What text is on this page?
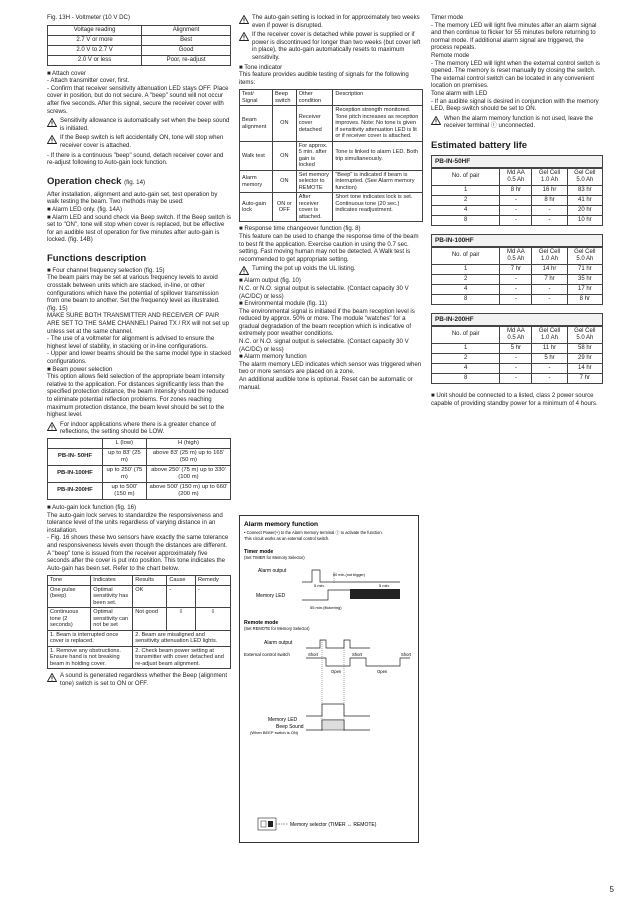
Fig. 13H - Voltmeter (10 V DC)

Voltage reading	Alignment
2.7 V or more	Best
2.0 V to 2.7 V	Good
2.0 V or less	Poor, re-adjust

■ Attach cover

- Attach transmitter cover, first.

- Confirm that receiver sensitivity attenuation LED stays OFF. Place cover in position, but do not secure. A "beep" sound will not occur after five seconds. After this signal, secure the receiver cover with screws.

Sensitivity allowance is automatically set when the beep sound is initiated.

If the Beep switch is left accidentally ON, tone will stop when receiver cover is attached.

- If there is a continuous "beep" sound, detach receiver cover and re-adjust following to Auto-gain lock function.

Operation check (fig. 14)

After installation, alignment and auto-gain set, test operation by walk testing the beam. Two methods may be used:

■ Alarm LED only. (fig. 14A)

■ Alarm LED and sound check via Beep switch. If the Beep switch is set to "ON", tone will stop when cover is replaced, but be effective for an audible test of operation for five minutes after auto-gain is locked. (fig. 14B)

Functions description

■ Four channel frequency selection (fig. 15)

The beam pairs may be set at various frequency levels to avoid crosstalk between units which are stacked, in-line, or other configurations which have the potential of spillover transmission from one beam to another. Set the frequency level as illustrated. (fig. 15)

MAKE SURE BOTH TRANSMITTER AND RECEIVER OF PAIR ARE SET TO THE SAME CHANNEL! Paired TX / RX will not set up unless set at the same channel.

- The use of a voltmeter for alignment is advised to ensure the highest level of stability, in stacking or in-line configurations.

- Upper and lower beams should be the same model type in stacked configurations.

■ Beam power selection

This option allows field selection of the appropriate beam intensity relative to the application. For distances significantly less than the specified protection distance, the beam intensity should be reduced to eliminate potential reflection problems. For zones reaching maximum protection distance, the beam level should be set to the highest level.

For indoor applications where there is a greater chance of reflections, the setting should be LOW.

	L (low)	H (high)
PB-IN- 50HF	up to 83' (25 m)	above 83' (25 m) up to 165' (50 m)
PB-IN-100HF	up to 250' (75 m)	above 250' (75 m) up to 330' (100 m)
PB-IN-200HF	up to 500' (150 m)	above 500' (150 m) up to 660' (200 m)

■ Auto-gain lock function (fig. 16)

The auto-gain lock serves to standardize the responsiveness and tolerance level of the units regardless of varying distance in an installation.

- Fig. 16 shows these two sensors have exactly the same tolerance and responsiveness levels even though the distances are different.

A "beep" tone is issued from the receiver approximately five seconds after the cover is put into position. This tone indicates the Auto-gain has been set. Refer to the chart below.

Tone	Indicates	Results	Cause	Remedy
One pulse (beep)	Optimal sensitivity has been set.	OK	-	-
Continuous tone (2 seconds)	Optimal sensitivity can not be set	Not good	⇩	⇩
1. Beam is interrupted once cover is replaced.		2. Beam are misaligned and sensitivity attenuation LED lights.		
1. Remove any obstructions. Ensure hand is not breaking beam in holding cover.		2. Check beam power setting at transmitter with cover detached and re-adjust beam alignment.		

A sound is generated regardless whether the Beep (alignment tone) switch is set to ON or OFF.

The auto-gain setting is locked in for approximately two weeks even if power is disrupted.

If the receiver cover is detached while power is supplied or if power is discontinued for longer than two weeks (but cover left in place), the auto-gain automatically resets to maximum sensitivity.

■ Tone indicator

This feature provides audible testing of signals for the following items:

Test/ Signal	Beep switch	Other condition	Description
Beam alignment	ON	Receiver cover detached	Reception strength monitored. Tone pitch increases as reception improves. Note: No tone is given if sensitivity attenuation LED is lit or if receiver cover is attached.
Walk test	ON	For approx. 5 min. after gain is locked	Tone is linked to alarm LED. Both trip simultaneously.
Alarm memory	ON	Set memory selector to REMOTE	"Beep" is indicated if beam is interrupted. (See Alarm memory function)
Auto-gain lock	ON or OFF	After receiver cover is attached.	Short tone indicates lock is set. Continuous tone (20 sec.) indicates readjustment.

■ Response time changeover function (fig. 8)

This feature can be used to change the response time of the beam to best fit the application. Exercise caution in using the 0.7 sec. setting. Fast moving human may not be detected. A Walk test is recommended to get appropriate setting.

Turning the pot up voids the UL listing.

■ Alarm output (fig. 10)

N.C. or N.O. signal output is selectable. (Contact capacity 30 V (AC/DC) or less)

■ Environmental module (fig. 11)

The environmental signal is initiated if the beam reception level is reduced by approx. 50% or more. The module "watches" for a gradual degradation of the beam reception which is indicative of extremely poor weather conditions.

N.C. or N.O. signal output is selectable. (Contact capacity 30 V (AC/DC) or less)

■ Alarm memory function

The alarm memory LED indicates which sensor was triggered when two or more sensors are placed on a zone.

An additional audible tone is optional. Reset can be automatic or manual.

Alarm memory function
• Connect Power(+) to the Alarm memory terminal ⓣ to activate the function.
This circuit works as an external control switch.
Timer mode
(Set TIMER for Memory Selector)
Alarm output
60 min.(not trigger)
5 min.	5 min.
Memory LED
55 min.(flickering)
Remote mode
(Set REMOTE for Memory Selector)
Alarm output
External control switch	Short	Short	Short
Open	Open
Memory LED
Beep Sound
(When BEEP switch is ON)
Memory selector (TIMER ↔ REMOTE)

Timer mode

- The memory LED will light five minutes after an alarm signal and then continue to flicker for 55 minutes before returning to normal mode. If additional alarm signal are triggered, the process repeats.

Remote mode

- The memory LED will light when the external control switch is opened. The memory is reset manually by closing the switch. The external control switch can be located in any convenient location on premises.

Tone alarm with LED

- If an audible signal is desired in conjunction with the memory LED, Beep switch should be set to ON.

When the alarm memory function is not used, leave the receiver terminal ⓣ unconnected.

Estimated battery life
PB-IN-50HF
No. of pair	Md AA 0.5 Ah	Gel Cell 1.0 Ah	Gel Cell 5.0 Ah
1	8 hr	16 hr	83 hr
2	-	8 hr	41 hr
4	-	-	20 hr
8	-	-	10 hr
PB-IN-100HF
No. of pair	Md AA 0.5 Ah	Gel Cell 1.0 Ah	Gel Cell 5.0 Ah
1	7 hr	14 hr	71 hr
2	-	7 hr	35 hr
4	-	-	17 hr
8	-	-	8 hr
PB-IN-200HF
No. of pair	Md AA 0.5 Ah	Gel Cell 1.0 Ah	Gel Cell 5.0 Ah
1	5 hr	11 hr	58 hr
2	-	5 hr	29 hr
4	-	-	14 hr
8	-	-	7 hr

■ Unit should be connected to a listed, class 2 power source capable of providing standby power for a minimum of 4 hours.

5
